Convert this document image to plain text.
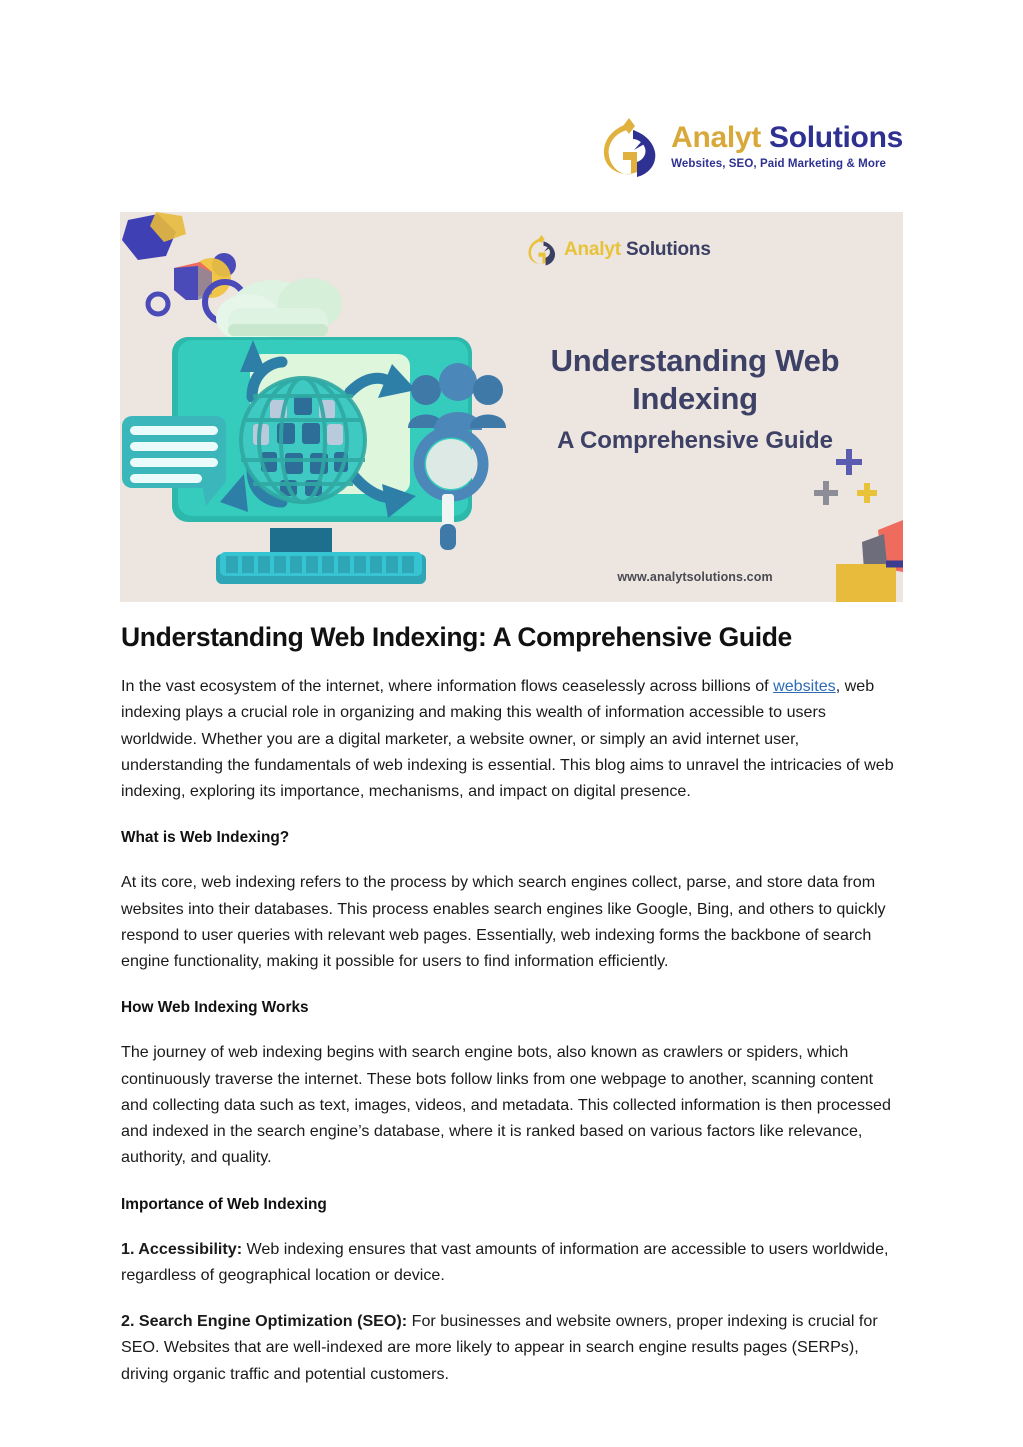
Analyt Solutions
Websites, SEO, Paid Marketing & More
Analyt Solutions
Understanding Web
Indexing
A Comprehensive Guide
www.analytsolutions.com
Understanding Web Indexing: A Comprehensive Guide

In the vast ecosystem of the internet, where information flows ceaselessly across billions of websites, web indexing plays a crucial role in organizing and making this wealth of information accessible to users worldwide. Whether you are a digital marketer, a website owner, or simply an avid internet user, understanding the fundamentals of web indexing is essential. This blog aims to unravel the intricacies of web indexing, exploring its importance, mechanisms, and impact on digital presence.

What is Web Indexing?

At its core, web indexing refers to the process by which search engines collect, parse, and store data from websites into their databases. This process enables search engines like Google, Bing, and others to quickly respond to user queries with relevant web pages. Essentially, web indexing forms the backbone of search engine functionality, making it possible for users to find information efficiently.

How Web Indexing Works

The journey of web indexing begins with search engine bots, also known as crawlers or spiders, which continuously traverse the internet. These bots follow links from one webpage to another, scanning content and collecting data such as text, images, videos, and metadata. This collected information is then processed and indexed in the search engine’s database, where it is ranked based on various factors like relevance, authority, and quality.

Importance of Web Indexing

1. Accessibility: Web indexing ensures that vast amounts of information are accessible to users worldwide, regardless of geographical location or device.

2. Search Engine Optimization (SEO): For businesses and website owners, proper indexing is crucial for SEO. Websites that are well-indexed are more likely to appear in search engine results pages (SERPs), driving organic traffic and potential customers.
